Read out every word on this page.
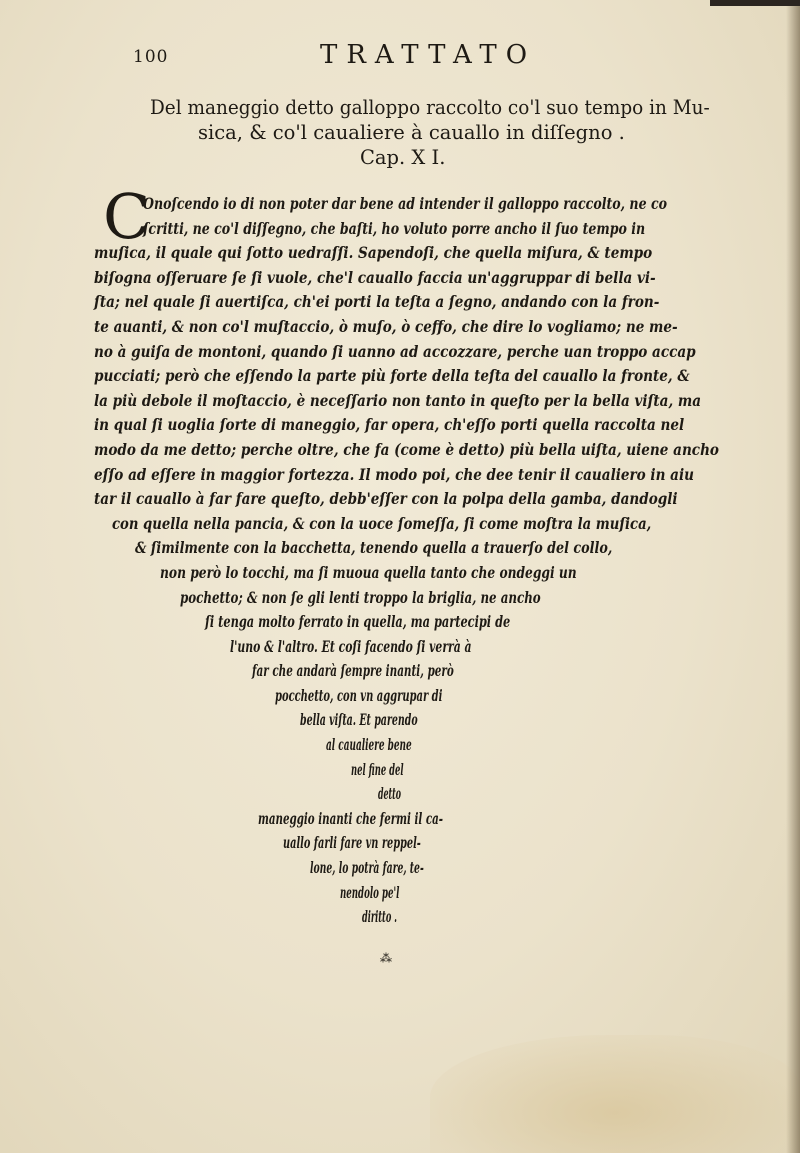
100	TRATTATO
Del maneggio detto galloppo raccolto co'l suo tempo in Mu-
sica, & co'l caualiere à cauallo in diſſegno .
Cap. X I.
C
Onoſcendo io di non poter dar bene ad intender il galloppo raccolto, ne co ſcritti, ne co'l diſſegno, che baſti, ho voluto porre ancho il ſuo tempo in muſica, il quale qui ſotto uedraſſi. Sapendoſi, che quella miſura, & tempo biſogna oſſeruare ſe ſi vuole, che'l cauallo faccia un'aggruppar di bella vi- ſta; nel quale ſi auertiſca, ch'ei porti la teſta a ſegno, andando con la fron- te auanti, & non co'l muſtaccio, ò muſo, ò ceffo, che dire lo vogliamo; ne me- no à guiſa de montoni, quando ſi uanno ad accozzare, perche uan troppo accap pucciati; però che eſſendo la parte più forte della teſta del cauallo la fronte, & la più debole il moſtaccio, è neceſſario non tanto in queſto per la bella viſta, ma in qual ſi uoglia ſorte di maneggio, far opera, ch'eſſo porti quella raccolta nel modo da me detto; perche oltre, che fa (come è detto) più bella uiſta, uiene ancho eſſo ad eſſere in maggior fortezza. Il modo poi, che dee tenir il caualiero in aiu tar il cauallo à far fare queſto, debb'eſſer con la polpa della gamba, dandogli con quella nella pancia, & con la uoce ſomeſſa, ſi come moſtra la muſica, & ſimilmente con la bacchetta, tenendo quella a trauerſo del collo, non però lo tocchi, ma ſi muoua quella tanto che ondeggi un pochetto; & non ſe gli lenti troppo la briglia, ne ancho ſi tenga molto ferrato in quella, ma partecipi de l'uno & l'altro. Et coſi facendo ſi verrà à far che andarà ſempre inanti, però pocchetto, con vn aggrupar di bella viſta. Et parendo al caualiere bene nel fine del detto maneggio inanti che fermi il ca- uallo farli fare vn reppel- lone, lo potrà fare, te- nendolo pe'l diritto .
⁂
